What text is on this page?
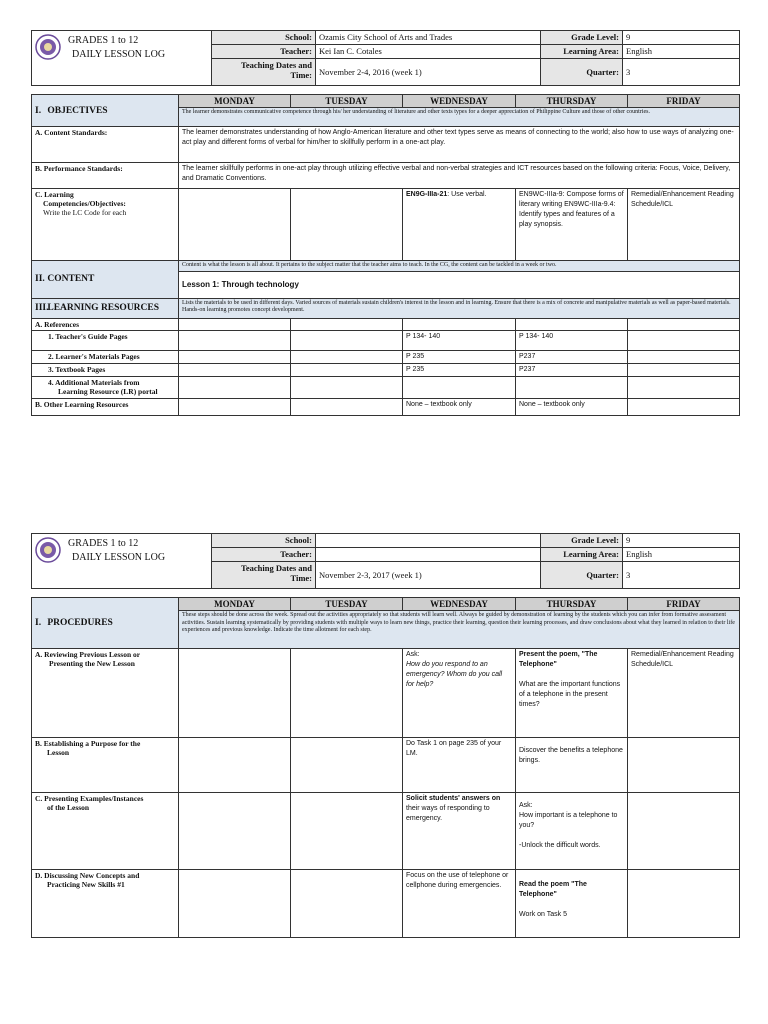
GRADES 1 to 12
DAILY LESSON LOG	School:	Ozamis City School of Arts and Trades	Grade Level:	9
	Teacher:	Kei Ian C. Cotales	Learning Area:	English
	Teaching Dates and
Time:	November 2-4, 2016 (week 1)	Quarter:	3
I. OBJECTIVES	MONDAY	TUESDAY	WEDNESDAY	THURSDAY	FRIDAY
	The learner demonstrates communicative competence through his/ her understanding of literature and other texts types for a deeper appreciation of Philippine Culture and those of other countries.				
A. Content Standards:	The learner demonstrates understanding of how Anglo-American literature and other text types serve as means of connecting to the world; also how to use ways of analyzing one-act play and different forms of verbal for him/her to skillfully perform in a one-act play.				
B. Performance Standards:	The learner skillfully performs in one-act play through utilizing effective verbal and non-verbal strategies and ICT resources based on the following criteria: Focus, Voice, Delivery, and Dramatic Conventions.				
C. Learning
Competencies/Objectives:
Write the LC Code for each			EN9G-IIIa-21: Use verbal.	EN9WC-IIIa-9: Compose forms of literary writing EN9WC-IIIa-9.4: Identify types and features of a play synopsis.	Remedial/Enhancement Reading Schedule/ICL
II. CONTENT	Content is what the lesson is all about. It pertains to the subject matter that the teacher aims to teach. In the CG, the content can be tackled in a week or two.				
	Lesson 1: Through technology				
III. LEARNING RESOURCES	Lists the materials to be used in different days. Varied sources of materials sustain children's interest in the lesson and in learning. Ensure that there is a mix of concrete and manipulative materials as well as paper-based materials. Hands-on learning promotes concept development.				
A. References					
1. Teacher's Guide Pages			P 134- 140	P 134- 140	
2. Learner's Materials Pages			P 235	P237	
3. Textbook Pages			P 235	P237	
4. Additional Materials from
Learning Resource (LR) portal					
B. Other Learning Resources			None – textbook only	None – textbook only	
GRADES 1 to 12
DAILY LESSON LOG	School:		Grade Level:	9
	Teacher:		Learning Area:	English
	Teaching Dates and
Time:	November 2-3, 2017 (week 1)	Quarter:	3
I. PROCEDURES	MONDAY	TUESDAY	WEDNESDAY	THURSDAY	FRIDAY
	These steps should be done across the week. Spread out the activities appropriately so that students will learn well. Always be guided by demonstration of learning by the students which you can infer from formative assessment activities. Sustain learning systematically by providing students with multiple ways to learn new things, practice their learning, question their learning processes, and draw conclusions about what they learned in relation to their life experiences and previous knowledge. Indicate the time allotment for each step.				
A. Reviewing Previous Lesson or
Presenting the New Lesson			Ask:
How do you respond to an emergency? Whom do you call for help?	Present the poem, "The Telephone"

What are the important functions of a telephone in the present times?	Remedial/Enhancement Reading Schedule/ICL
B. Establishing a Purpose for the
Lesson			Do Task 1 on page 235 of your LM.	Discover the benefits a telephone brings.	
C. Presenting Examples/Instances
of the Lesson			Solicit students' answers on
their ways of responding to emergency.	Ask:
How important is a telephone to you?

-Unlock the difficult words.	
D. Discussing New Concepts and
Practicing New Skills #1			Focus on the use of telephone or cellphone during emergencies.	Read the poem "The Telephone"

Work on Task 5	
